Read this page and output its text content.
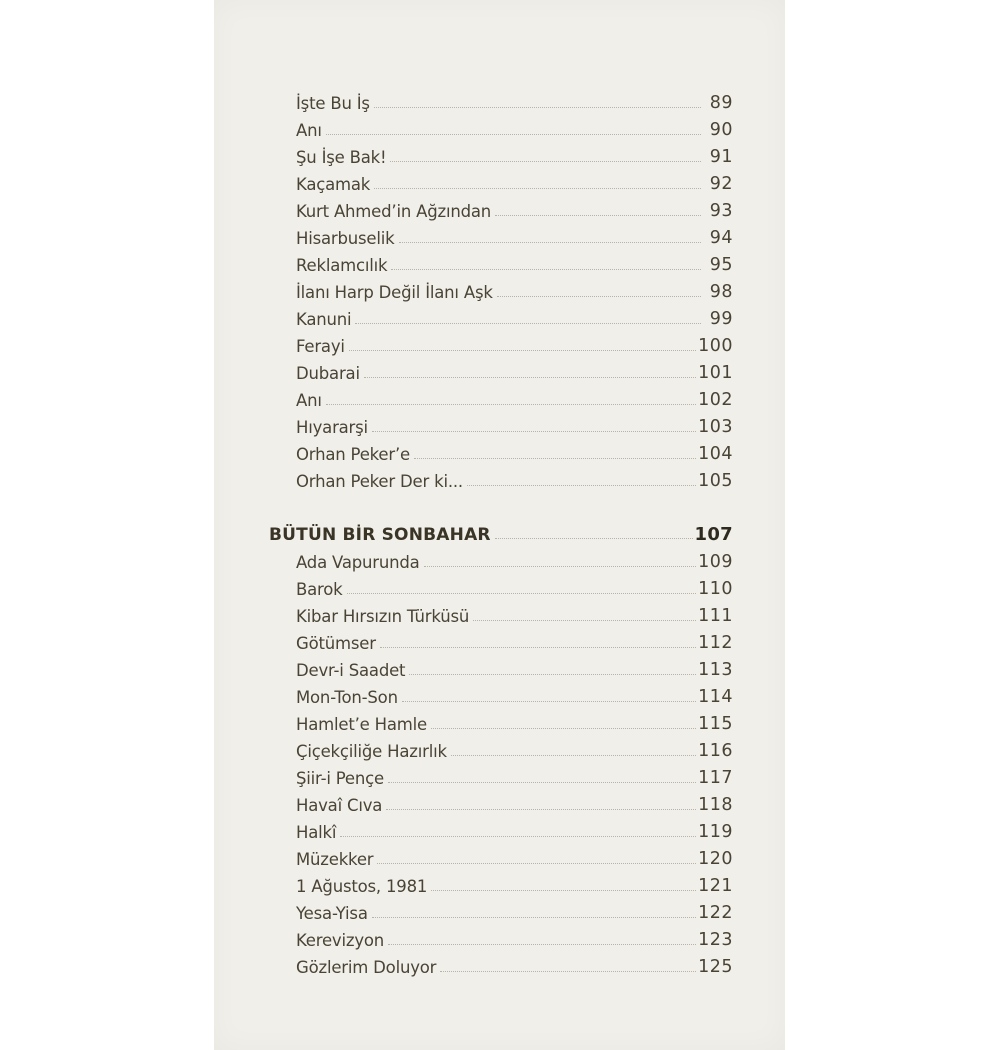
İşte Bu İş	89
Anı	90
Şu İşe Bak!	91
Kaçamak	92
Kurt Ahmed’in Ağzından	93
Hisarbuselik	94
Reklamcılık	95
İlanı Harp Değil İlanı Aşk	98
Kanuni	99
Ferayi	100
Dubarai	101
Anı	102
Hıyararşi	103
Orhan Peker’e	104
Orhan Peker Der ki...	105
BÜTÜN BİR SONBAHAR	107
Ada Vapurunda	109
Barok	110
Kibar Hırsızın Türküsü	111
Götümser	112
Devr-i Saadet	113
Mon-Ton-Son	114
Hamlet’e Hamle	115
Çiçekçiliğe Hazırlık	116
Şiir-i Pençe	117
Havaî Cıva	118
Halkî	119
Müzekker	120
1 Ağustos, 1981	121
Yesa-Yisa	122
Kerevizyon	123
Gözlerim Doluyor	125
